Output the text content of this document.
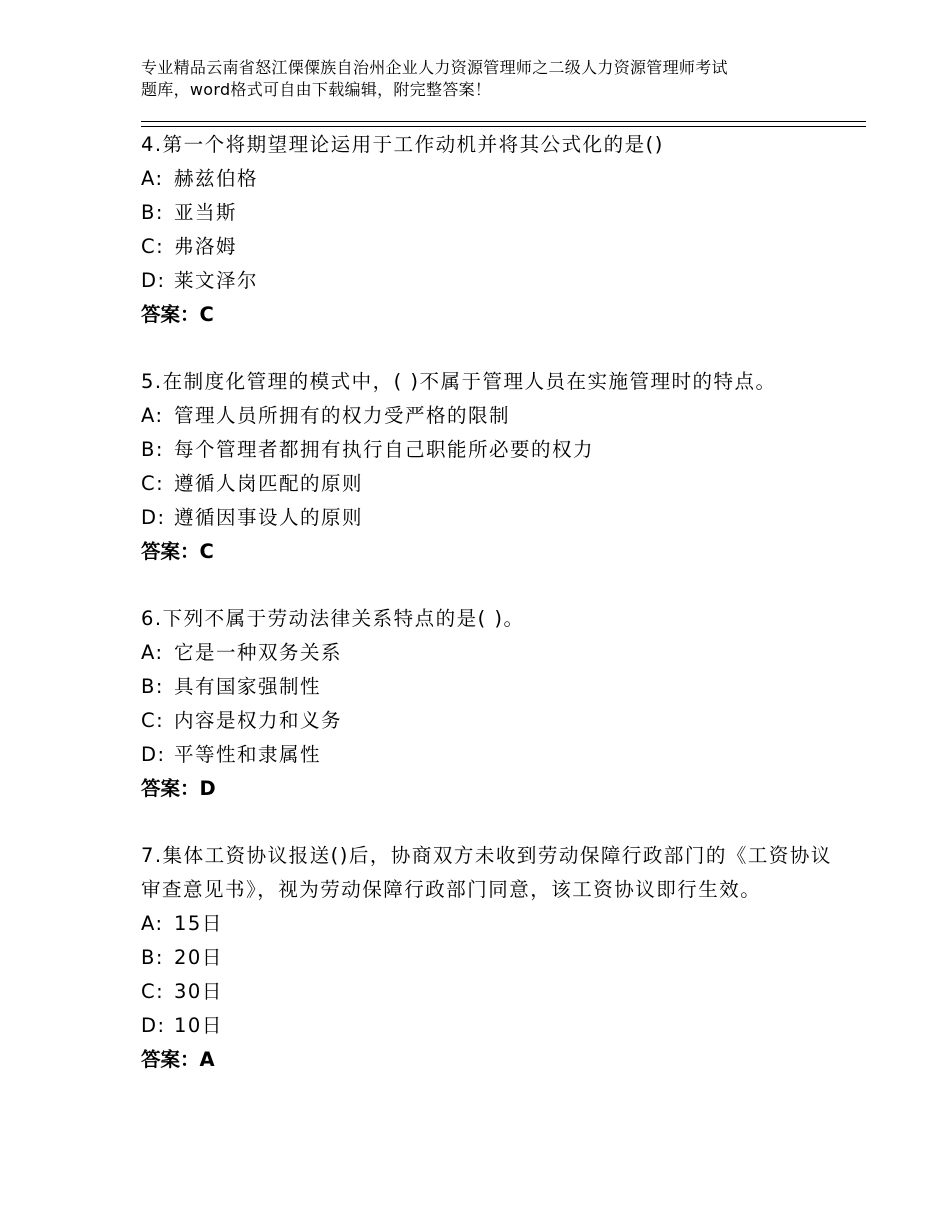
专业精品云南省怒江傈僳族自治州企业人力资源管理师之二级人力资源管理师考试
题库，word格式可自由下载编辑，附完整答案！
4.第一个将期望理论运用于工作动机并将其公式化的是()
A: 赫兹伯格
B: 亚当斯
C: 弗洛姆
D: 莱文泽尔
答案：C
5.在制度化管理的模式中，( )不属于管理人员在实施管理时的特点。
A: 管理人员所拥有的权力受严格的限制
B: 每个管理者都拥有执行自己职能所必要的权力
C: 遵循人岗匹配的原则
D: 遵循因事设人的原则
答案：C
6.下列不属于劳动法律关系特点的是( )。
A: 它是一种双务关系
B: 具有国家强制性
C: 内容是权力和义务
D: 平等性和隶属性
答案：D
7.集体工资协议报送()后，协商双方未收到劳动保障行政部门的《工资协议审查意见书》，视为劳动保障行政部门同意，该工资协议即行生效。
A: 15日
B: 20日
C: 30日
D: 10日
答案：A
